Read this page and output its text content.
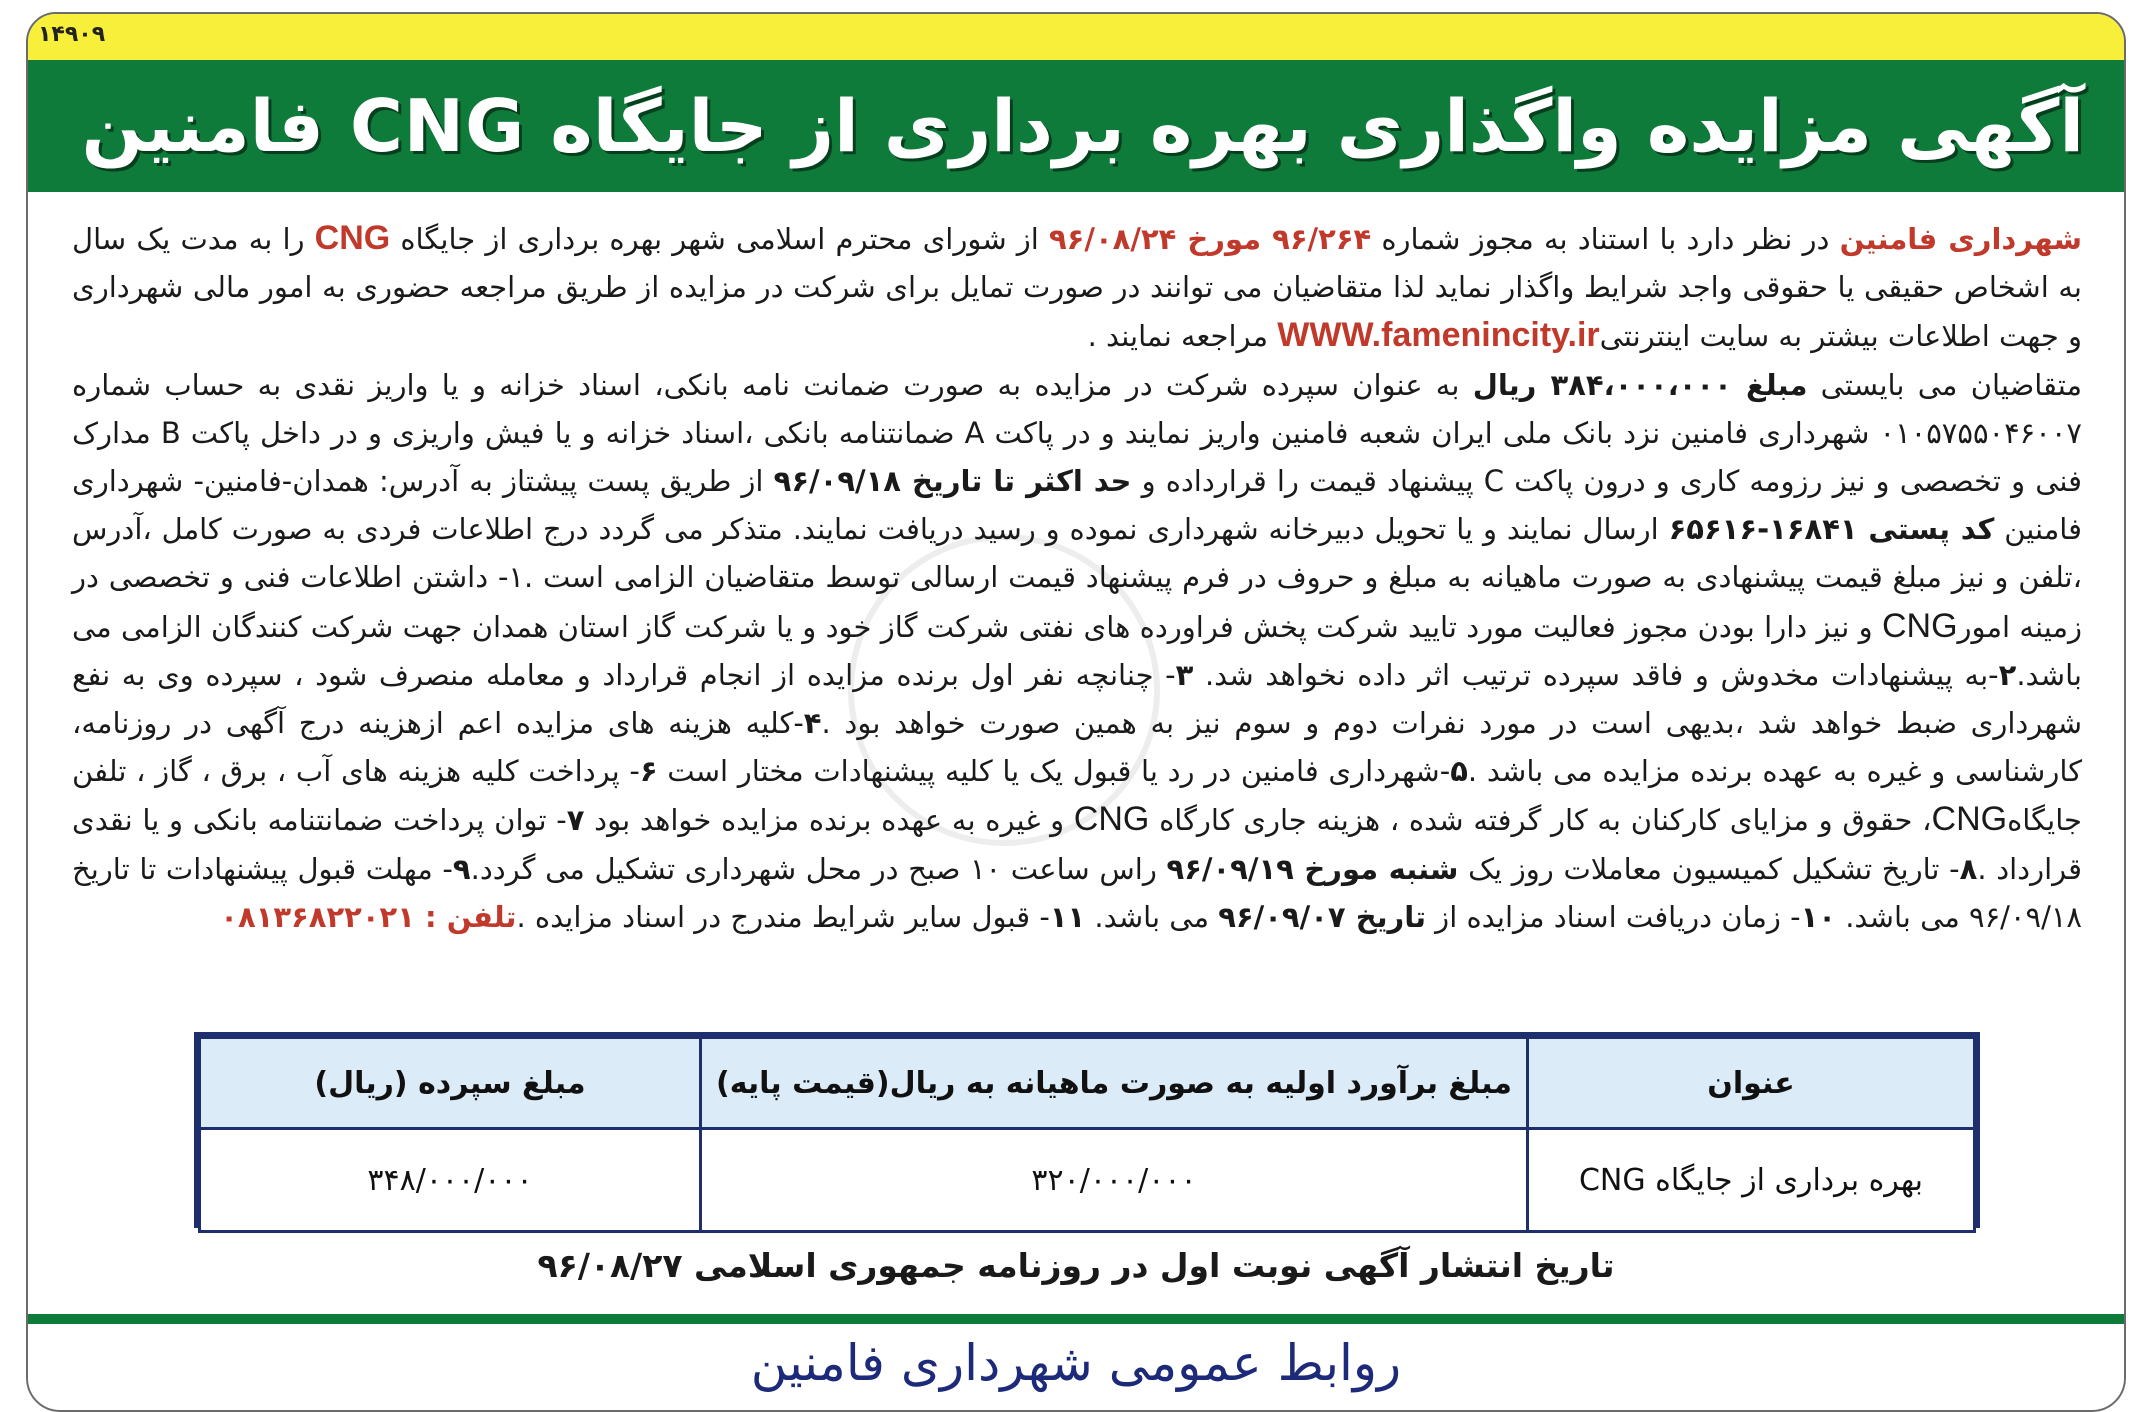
۱۴۹۰۹
آگهی مزایده واگذاری بهره برداری از جایگاه CNG فامنین

شهرداری فامنین در نظر دارد با استناد به مجوز شماره ۹۶/۲۶۴ مورخ ۹۶/۰۸/۲۴ از شورای محترم اسلامی شهر بهره برداری از جایگاه CNG را به مدت یک سال به اشخاص حقیقی یا حقوقی واجد شرایط واگذار نماید لذا متقاضیان می توانند در صورت تمایل برای شرکت در مزایده از طریق مراجعه حضوری به امور مالی شهرداری و جهت اطلاعات بیشتر به سایت اینترنتیWWW.famenincity.ir مراجعه نمایند .

متقاضیان می بایستی مبلغ ۳۸۴،۰۰۰،۰۰۰ ریال به عنوان سپرده شرکت در مزایده به صورت ضمانت نامه بانکی، اسناد خزانه و یا واریز نقدی به حساب شماره ۰۱۰۵۷۵۵۰۴۶۰۰۷ شهرداری فامنین نزد بانک ملی ایران شعبه فامنین واریز نمایند و در پاکت A ضمانتنامه بانکی ،اسناد خزانه و یا فیش واریزی و در داخل پاکت B مدارک فنی و تخصصی و نیز رزومه کاری و درون پاکت C پیشنهاد قیمت را قرارداده و حد اکثر تا تاریخ ۹۶/۰۹/۱۸ از طریق پست پیشتاز به آدرس: همدان-فامنین- شهرداری فامنین کد پستی ۱۶۸۴۱-۶۵۶۱۶ ارسال نمایند و یا تحویل دبیرخانه شهرداری نموده و رسید دریافت نمایند. متذکر می گردد درج اطلاعات فردی به صورت کامل ،آدرس ،تلفن و نیز مبلغ قیمت پیشنهادی به صورت ماهیانه به مبلغ و حروف در فرم پیشنهاد قیمت ارسالی توسط متقاضیان الزامی است .۱- داشتن اطلاعات فنی و تخصصی در زمینه امورCNG و نیز دارا بودن مجوز فعالیت مورد تایید شرکت پخش فراورده های نفتی شرکت گاز خود و یا شرکت گاز استان همدان جهت شرکت کنندگان الزامی می باشد.۲-به پیشنهادات مخدوش و فاقد سپرده ترتیب اثر داده نخواهد شد. ۳- چنانچه نفر اول برنده مزایده از انجام قرارداد و معامله منصرف شود ، سپرده وی به نفع شهرداری ضبط خواهد شد ،بدیهی است در مورد نفرات دوم و سوم نیز به همین صورت خواهد بود .۴-کلیه هزینه های مزایده اعم ازهزینه درج آگهی در روزنامه، کارشناسی و غیره به عهده برنده مزایده می باشد .۵-شهرداری فامنین در رد یا قبول یک یا کلیه پیشنهادات مختار است ۶- پرداخت کلیه هزینه های آب ، برق ، گاز ، تلفن جایگاهCNG، حقوق و مزایای کارکنان به کار گرفته شده ، هزینه جاری کارگاه CNG و غیره به عهده برنده مزایده خواهد بود ۷- توان پرداخت ضمانتنامه بانکی و یا نقدی قرارداد .۸- تاریخ تشکیل کمیسیون معاملات روز یک شنبه مورخ ۹۶/۰۹/۱۹ راس ساعت ۱۰ صبح در محل شهرداری تشکیل می گردد.۹- مهلت قبول پیشنهادات تا تاریخ ۹۶/۰۹/۱۸ می باشد. ۱۰- زمان دریافت اسناد مزایده از تاریخ ۹۶/۰۹/۰۷ می باشد. ۱۱- قبول سایر شرایط مندرج در اسناد مزایده .تلفن : ۰۸۱۳۶۸۲۲۰۲۱

عنوان	مبلغ برآورد اولیه به صورت ماهیانه به ریال(قیمت پایه)	مبلغ سپرده (ریال)
بهره برداری از جایگاه CNG	۳۲۰/۰۰۰/۰۰۰	۳۴۸/۰۰۰/۰۰۰
تاریخ انتشار آگهی نوبت اول در روزنامه جمهوری اسلامی ۹۶/۰۸/۲۷
روابط عمومی شهرداری فامنین
